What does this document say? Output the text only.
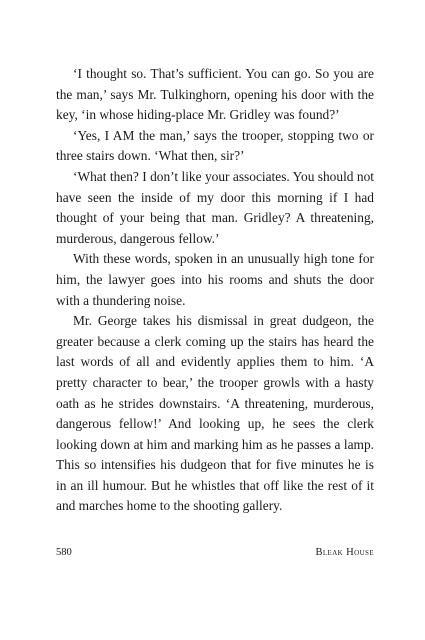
‘I thought so. That’s sufficient. You can go. So you are the man,’ says Mr. Tulkinghorn, opening his door with the key, ‘in whose hiding-place Mr. Gridley was found?’

‘Yes, I AM the man,’ says the trooper, stopping two or three stairs down. ‘What then, sir?’

‘What then? I don’t like your associates. You should not have seen the inside of my door this morning if I had thought of your being that man. Gridley? A threatening, murderous, dangerous fellow.’

With these words, spoken in an unusually high tone for him, the lawyer goes into his rooms and shuts the door with a thundering noise.

Mr. George takes his dismissal in great dudgeon, the greater because a clerk coming up the stairs has heard the last words of all and evidently applies them to him. ‘A pretty character to bear,’ the trooper growls with a hasty oath as he strides downstairs. ‘A threatening, murderous, dangerous fellow!’ And looking up, he sees the clerk looking down at him and marking him as he passes a lamp. This so intensifies his dudgeon that for five minutes he is in an ill humour. But he whistles that off like the rest of it and marches home to the shooting gallery.

580	Bleak House
